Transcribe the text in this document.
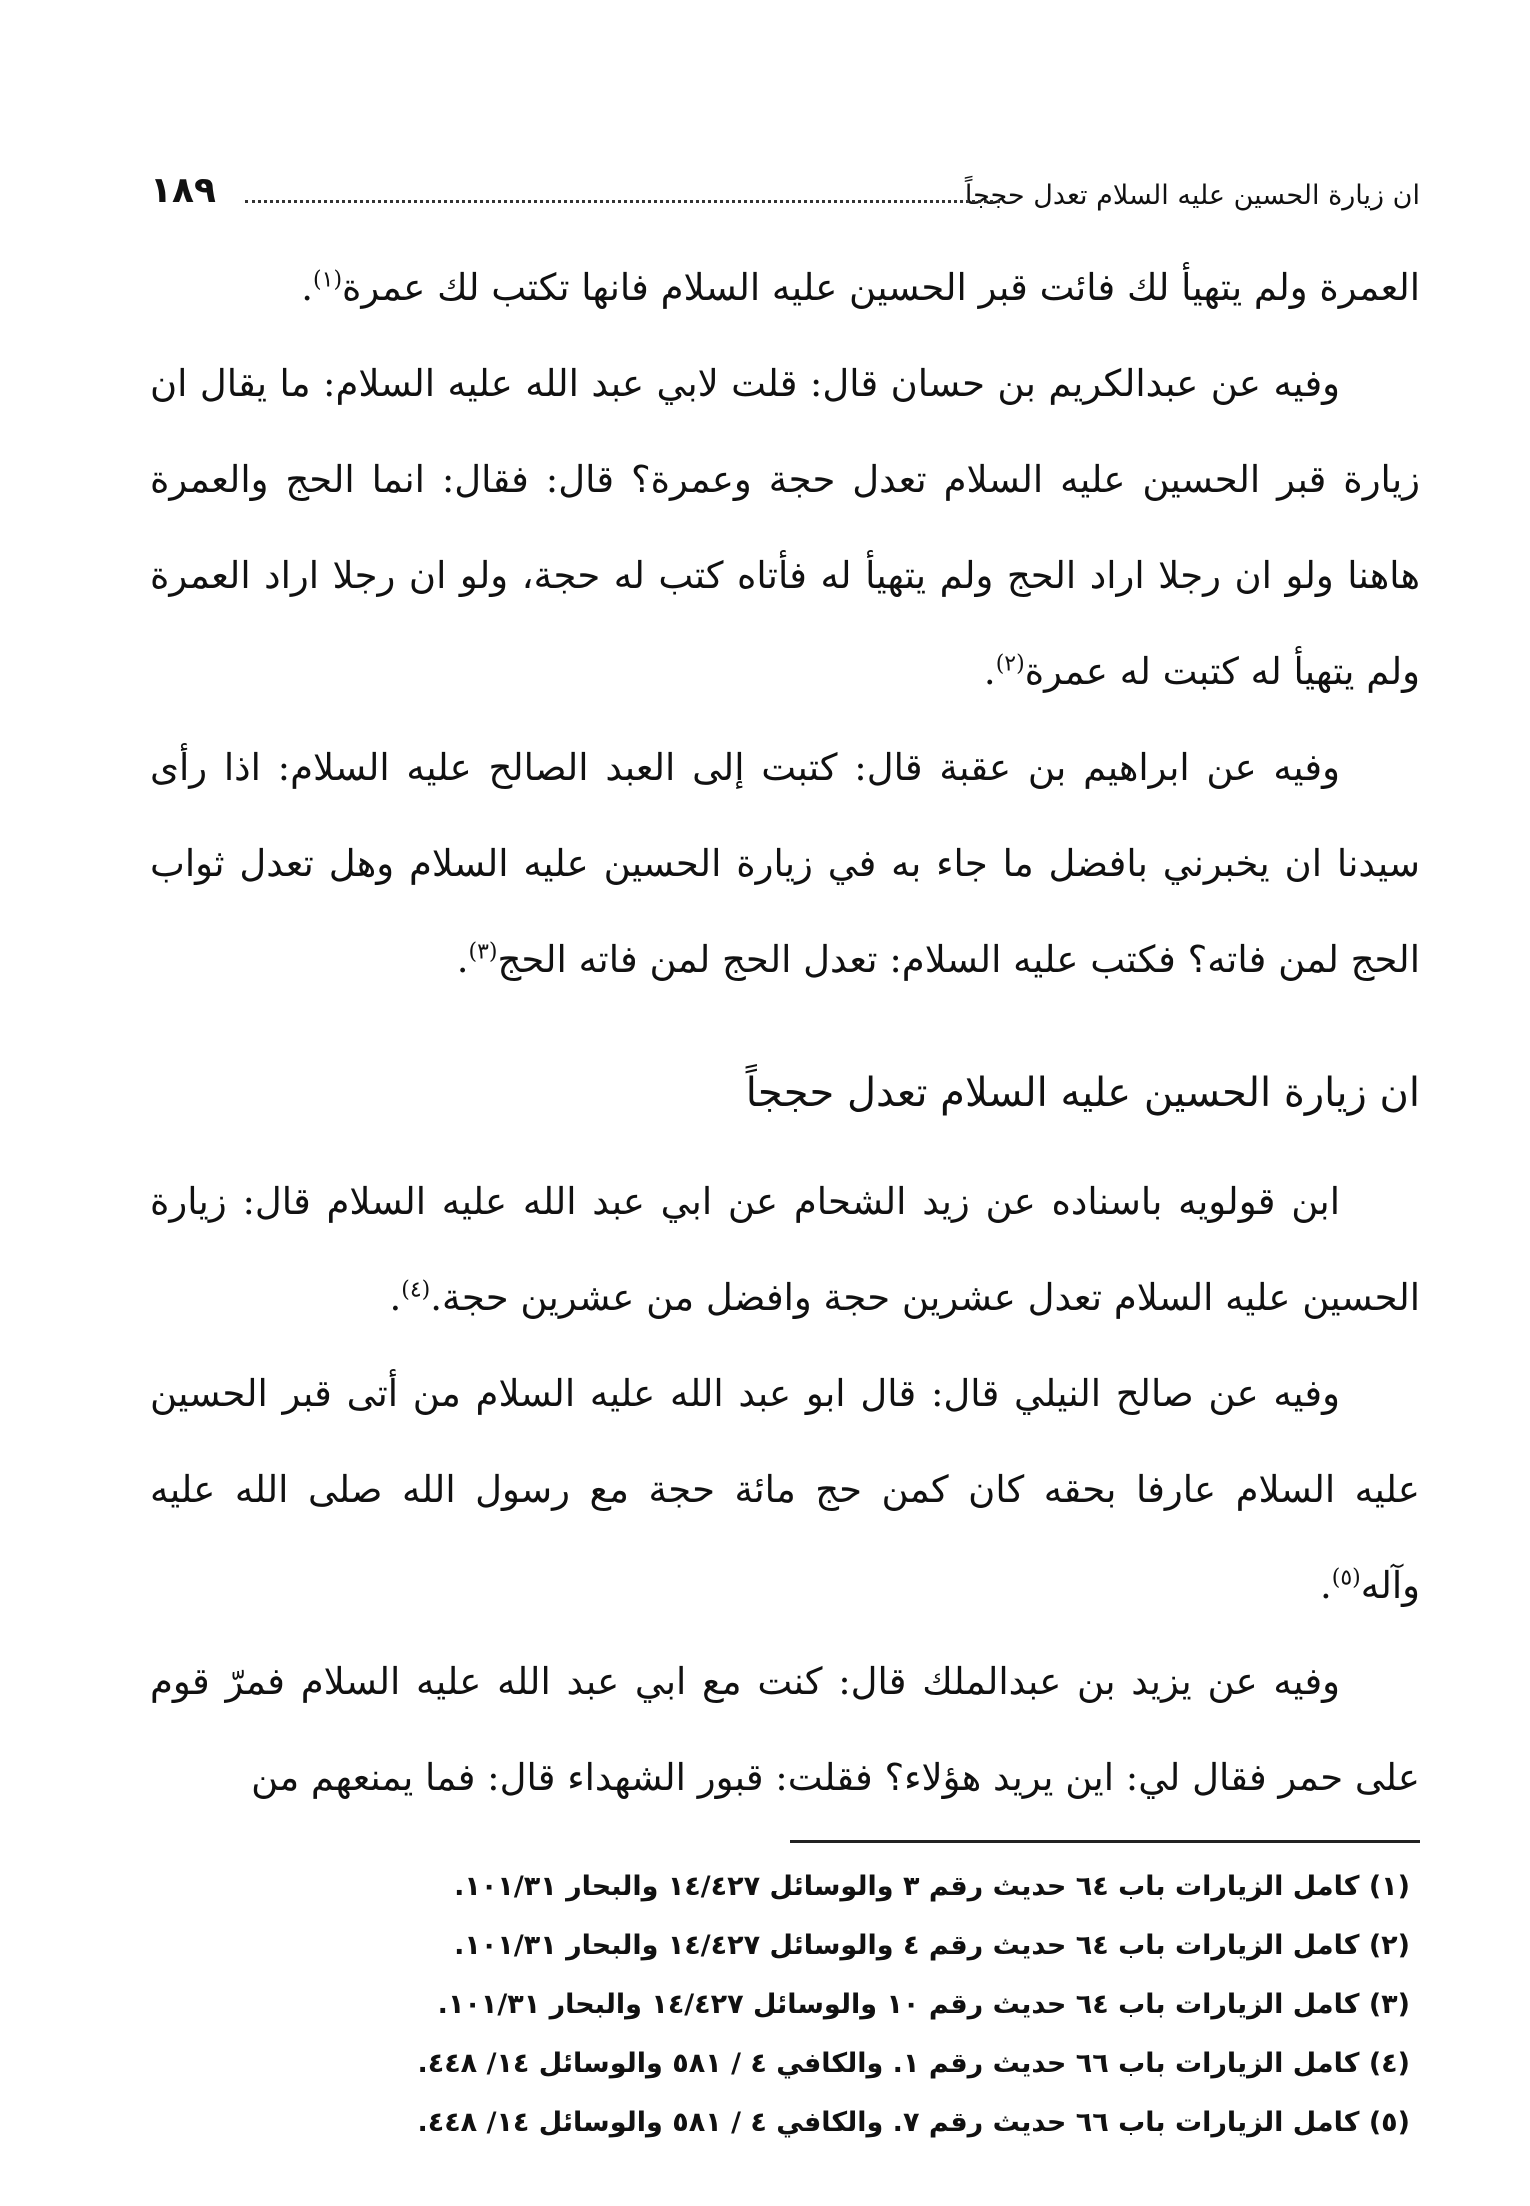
ان زيارة الحسين عليه السلام تعدل حججاً
١٨٩

العمرة ولم يتهيأ لك فائت قبر الحسين عليه السلام فانها تكتب لك عمرة$^{(١)}$.

وفيه عن عبدالكريم بن حسان قال: قلت لابي عبد الله عليه السلام: ما يقال ان زيارة قبر الحسين عليه السلام تعدل حجة وعمرة؟ قال: فقال: انما الحج والعمرة هاهنا ولو ان رجلا اراد الحج ولم يتهيأ له فأتاه كتب له حجة، ولو ان رجلا اراد العمرة ولم يتهيأ له كتبت له عمرة$^{(٢)}$.

وفيه عن ابراهيم بن عقبة قال: كتبت إلى العبد الصالح عليه السلام: اذا رأى سيدنا ان يخبرني بافضل ما جاء به في زيارة الحسين عليه السلام وهل تعدل ثواب الحج لمن فاته؟ فكتب عليه السلام: تعدل الحج لمن فاته الحج$^{(٣)}$.

ان زيارة الحسين عليه السلام تعدل حججاً

ابن قولويه باسناده عن زيد الشحام عن ابي عبد الله عليه السلام قال: زيارة الحسين عليه السلام تعدل عشرين حجة وافضل من عشرين حجة.$^{(٤)}$.

وفيه عن صالح النيلي قال: قال ابو عبد الله عليه السلام من أتى قبر الحسين عليه السلام عارفا بحقه كان كمن حج مائة حجة مع رسول الله صلى الله عليه وآله$^{(٥)}$.

وفيه عن يزيد بن عبدالملك قال: كنت مع ابي عبد الله عليه السلام فمرّ قوم على حمر فقال لي: اين يريد هؤلاء؟ فقلت: قبور الشهداء قال: فما يمنعهم من

(١) كامل الزيارات باب ٦٤ حديث رقم ٣ والوسائل ١٤/٤٢٧ والبحار ١٠١/٣١.
(٢) كامل الزيارات باب ٦٤ حديث رقم ٤ والوسائل ١٤/٤٢٧ والبحار ١٠١/٣١.
(٣) كامل الزيارات باب ٦٤ حديث رقم ١٠ والوسائل ١٤/٤٢٧ والبحار ١٠١/٣١.
(٤) كامل الزيارات باب ٦٦ حديث رقم ١. والكافي ٤ / ٥٨١ والوسائل ١٤/ ٤٤٨.
(٥) كامل الزيارات باب ٦٦ حديث رقم ٧. والكافي ٤ / ٥٨١ والوسائل ١٤/ ٤٤٨.
